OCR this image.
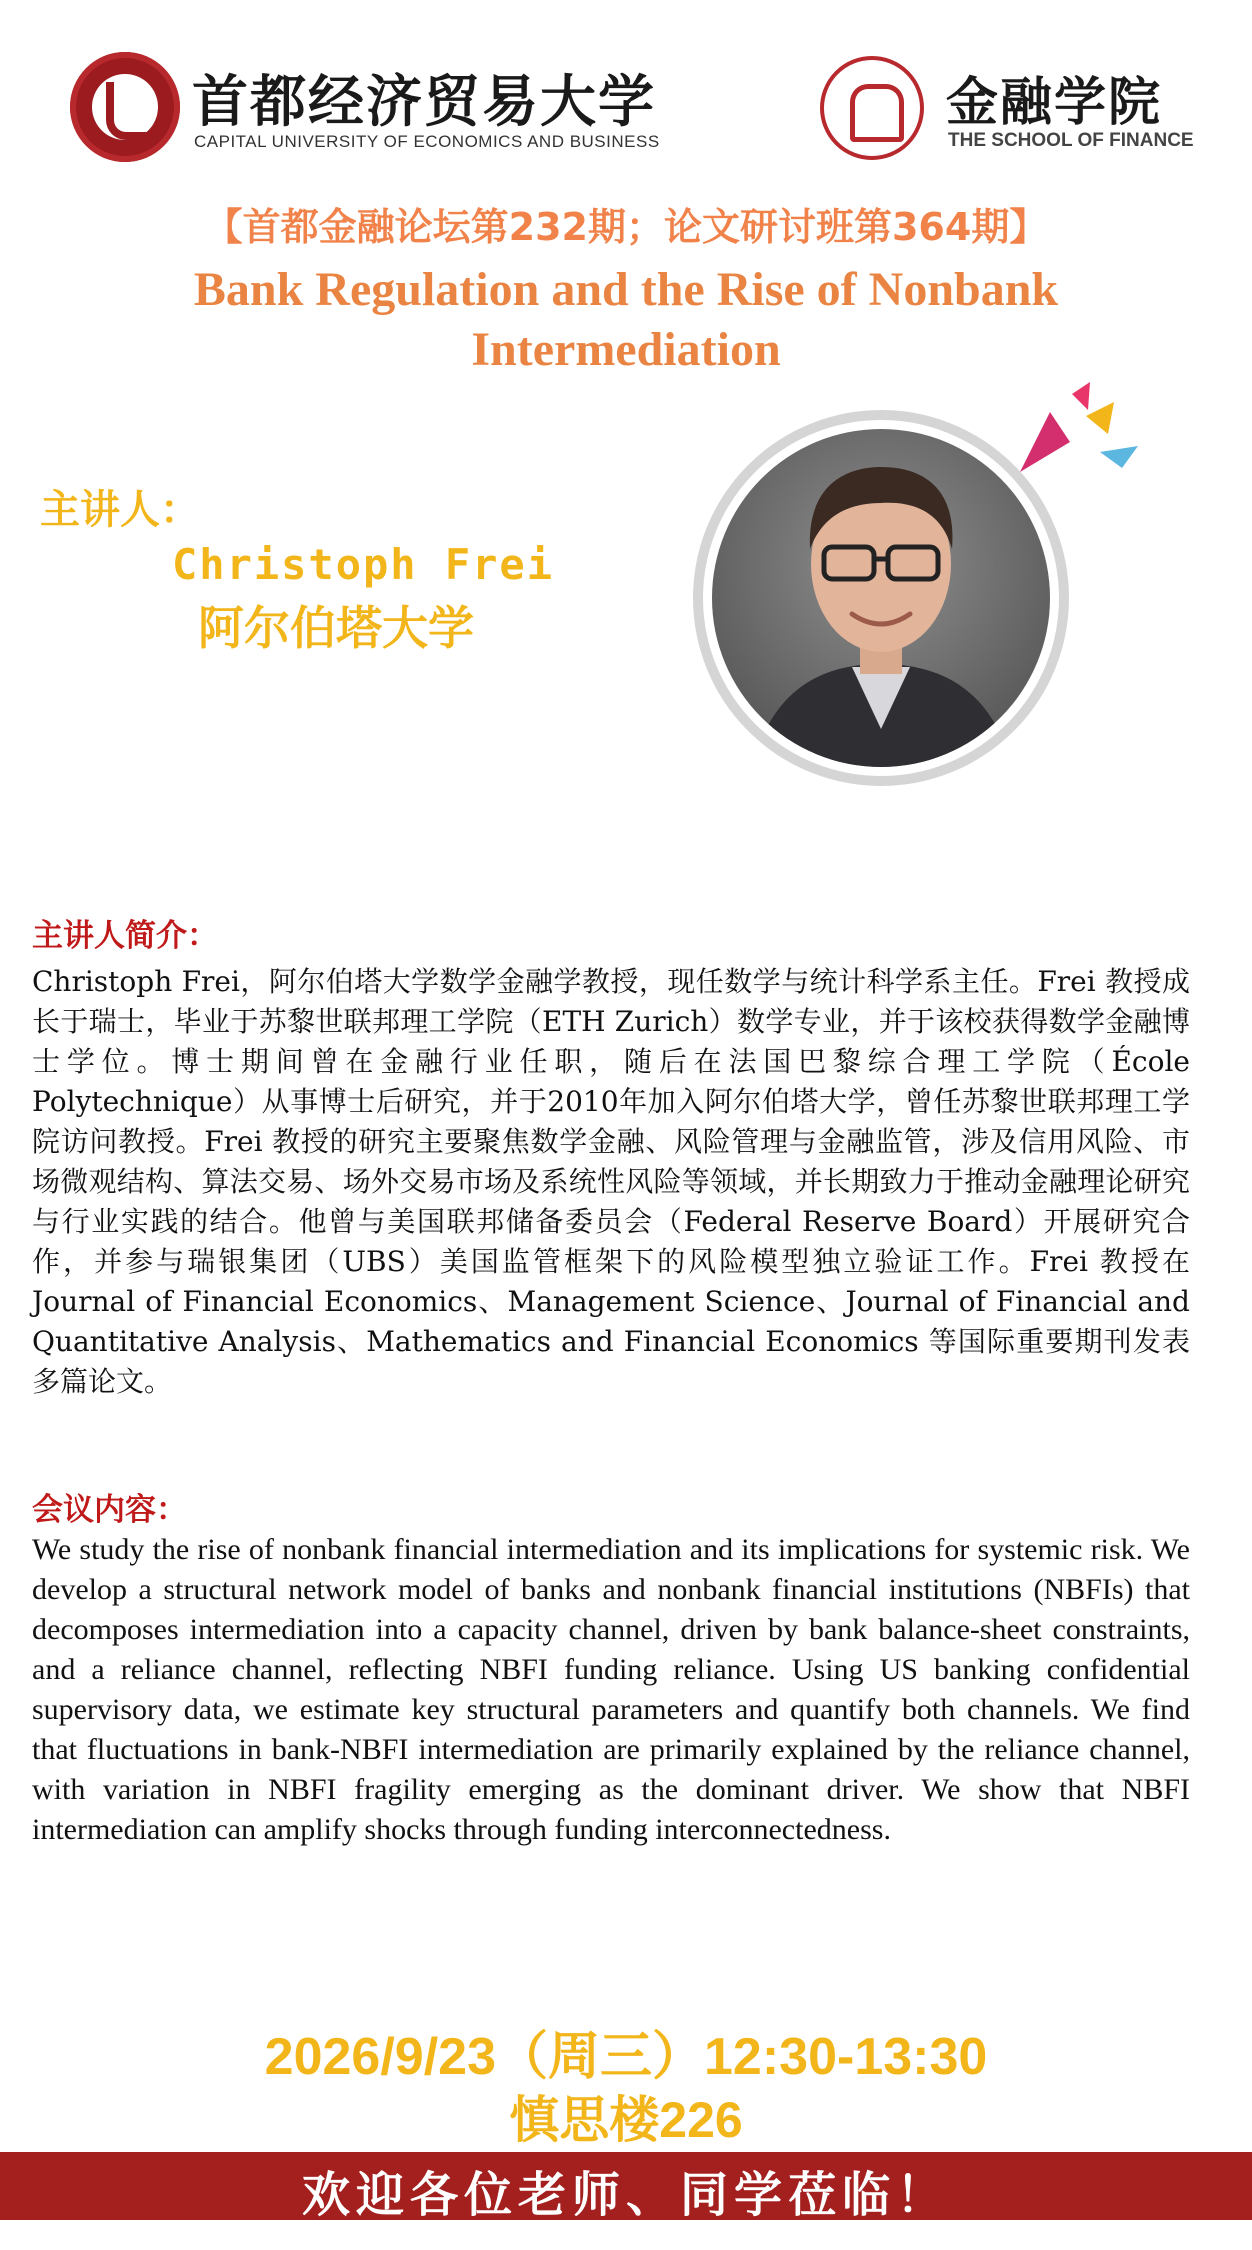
首都经济贸易大学
CAPITAL UNIVERSITY OF ECONOMICS AND BUSINESS
金融学院
THE SCHOOL OF FINANCE
【首都金融论坛第232期；论文研讨班第364期】
Bank Regulation and the Rise of Nonbank
Intermediation
主讲人：
Christoph Frei
阿尔伯塔大学
主讲人简介：

Christoph Frei，阿尔伯塔大学数学金融学教授，现任数学与统计科学系主任。Frei 教授成长于瑞士，毕业于苏黎世联邦理工学院（ETH Zurich）数学专业，并于该校获得数学金融博士学位。博士期间曾在金融行业任职，随后在法国巴黎综合理工学院（École Polytechnique）从事博士后研究，并于2010年加入阿尔伯塔大学，曾任苏黎世联邦理工学院访问教授。Frei 教授的研究主要聚焦数学金融、风险管理与金融监管，涉及信用风险、市场微观结构、算法交易、场外交易市场及系统性风险等领域，并长期致力于推动金融理论研究与行业实践的结合。他曾与美国联邦储备委员会（Federal Reserve Board）开展研究合作，并参与瑞银集团（UBS）美国监管框架下的风险模型独立验证工作。Frei 教授在 Journal of Financial Economics、Management Science、Journal of Financial and Quantitative Analysis、Mathematics and Financial Economics 等国际重要期刊发表多篇论文。

会议内容：

We study the rise of nonbank financial intermediation and its implications for systemic risk. We develop a structural network model of banks and nonbank financial institutions (NBFIs) that decomposes intermediation into a capacity channel, driven by bank balance-sheet constraints, and a reliance channel, reflecting NBFI funding reliance. Using US banking confidential supervisory data, we estimate key structural parameters and quantify both channels. We find that fluctuations in bank-NBFI intermediation are primarily explained by the reliance channel, with variation in NBFI fragility emerging as the dominant driver. We show that NBFI intermediation can amplify shocks through funding interconnectedness.

2026/9/23（周三）12:30-13:30
慎思楼226
欢迎各位老师、同学莅临！
